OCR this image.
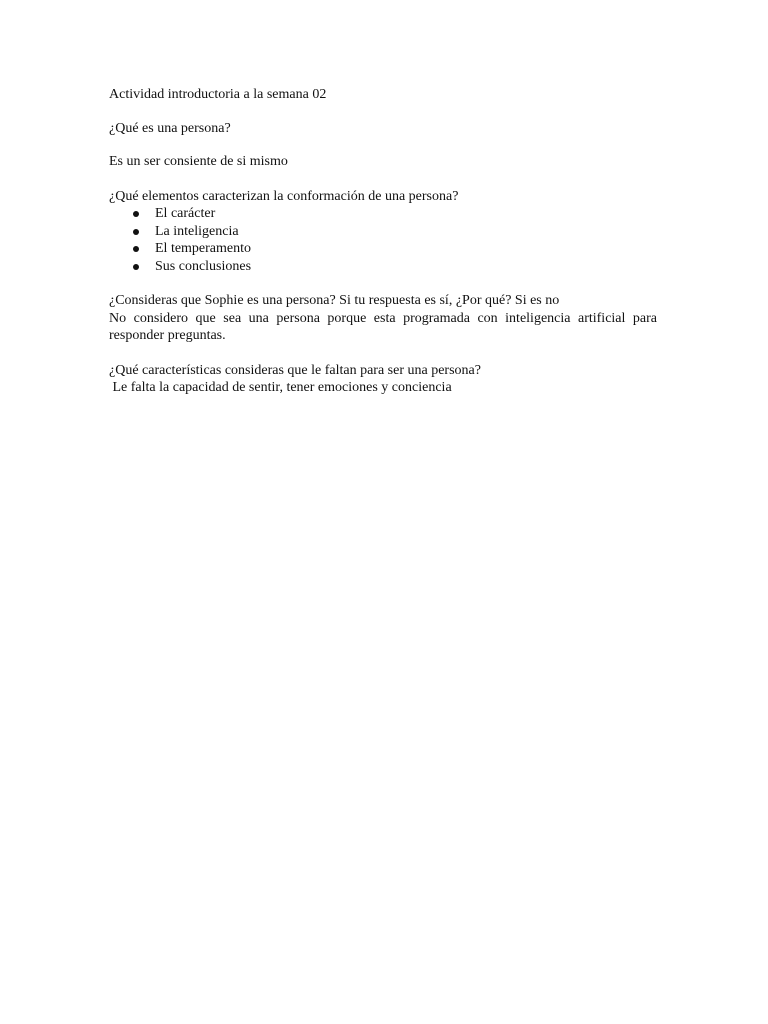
Actividad introductoria a la semana 02

¿Qué es una persona?

Es un ser consiente de si mismo

¿Qué elementos caracterizan la conformación de una persona?

El carácter
La inteligencia
El temperamento
Sus conclusiones

¿Consideras que Sophie es una persona? Si tu respuesta es sí, ¿Por qué? Si es no

No considero que sea una persona porque esta programada con inteligencia artificial para responder preguntas.

¿Qué características consideras que le faltan para ser una persona?

Le falta la capacidad de sentir, tener emociones y conciencia
